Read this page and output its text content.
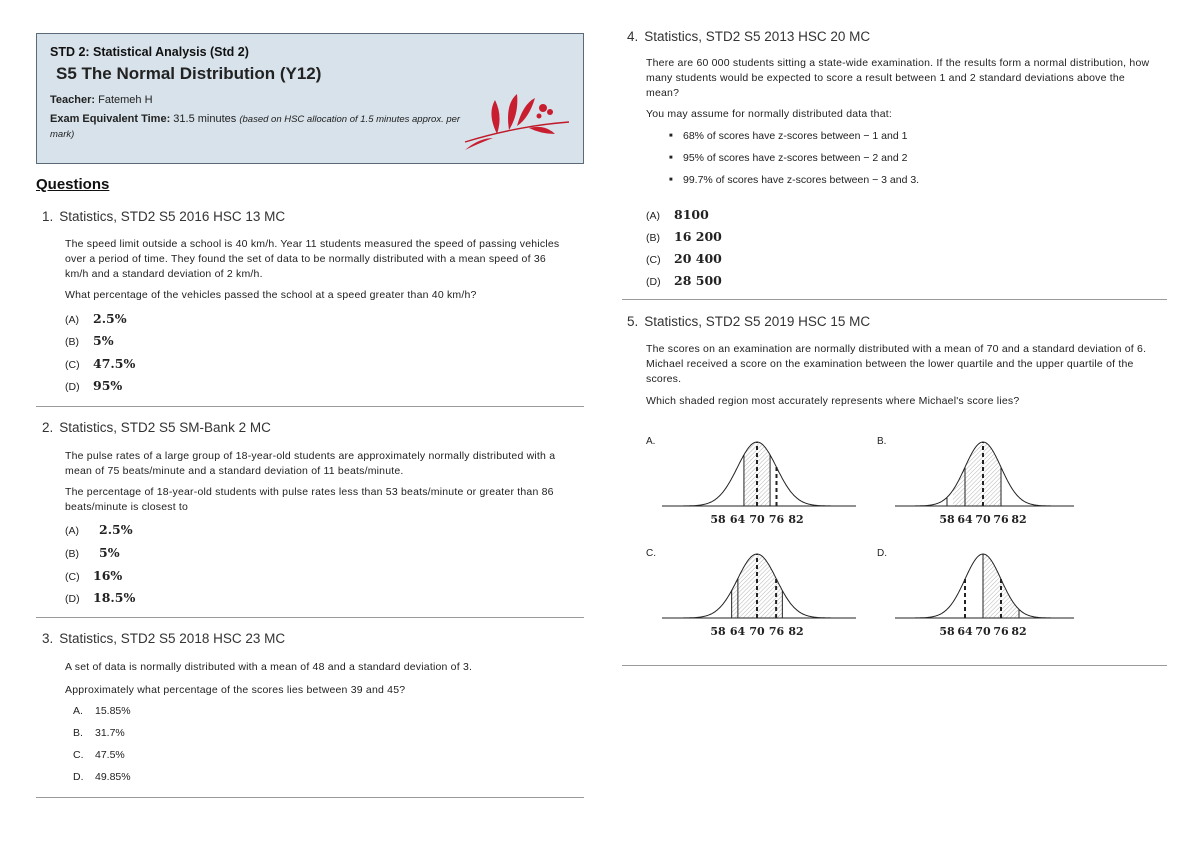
STD 2: Statistical Analysis (Std 2)
S5 The Normal Distribution (Y12)
Teacher: Fatemeh H
Exam Equivalent Time: 31.5 minutes (based on HSC allocation of 1.5 minutes approx. per mark)
Questions
1. Statistics, STD2 S5 2016 HSC 13 MC
The speed limit outside a school is 40 km/h. Year 11 students measured the speed of passing vehicles over a period of time. They found the set of data to be normally distributed with a mean speed of 36 km/h and a standard deviation of 2 km/h.
What percentage of the vehicles passed the school at a speed greater than 40 km/h?
(A) 2.5%
(B) 5%
(C) 47.5%
(D) 95%
2. Statistics, STD2 S5 SM-Bank 2 MC
The pulse rates of a large group of 18-year-old students are approximately normally distributed with a mean of 75 beats/minute and a standard deviation of 11 beats/minute.
The percentage of 18-year-old students with pulse rates less than 53 beats/minute or greater than 86 beats/minute is closest to
(A) 2.5%
(B) 5%
(C) 16%
(D) 18.5%
3. Statistics, STD2 S5 2018 HSC 23 MC
A set of data is normally distributed with a mean of 48 and a standard deviation of 3.
Approximately what percentage of the scores lies between 39 and 45?
A. 15.85%
B. 31.7%
C. 47.5%
D. 49.85%
4. Statistics, STD2 S5 2013 HSC 20 MC
There are 60 000 students sitting a state-wide examination. If the results form a normal distribution, how many students would be expected to score a result between 1 and 2 standard deviations above the mean?
You may assume for normally distributed data that:
■ 68% of scores have z-scores between − 1 and 1
■ 95% of scores have z-scores between − 2 and 2
■ 99.7% of scores have z-scores between − 3 and 3.
(A) 8100
(B) 16 200
(C) 20 400
(D) 28 500
5. Statistics, STD2 S5 2019 HSC 15 MC
The scores on an examination are normally distributed with a mean of 70 and a standard deviation of 6. Michael received a score on the examination between the lower quartile and the upper quartile of the scores.
Which shaded region most accurately represents where Michael's score lies?
A.	B.
C.	D.
58 64 70 76 82	58 64 70 76 82
58 64 70 76 82	58 64 70 76 82
